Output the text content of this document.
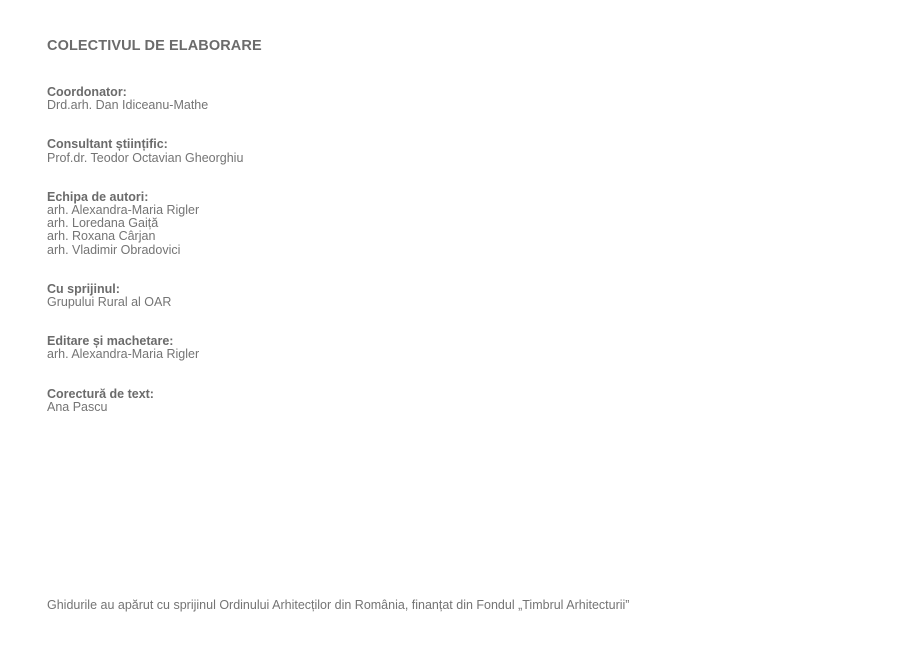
COLECTIVUL DE ELABORARE
Coordonator:
Drd.arh. Dan Idiceanu-Mathe
Consultant științific:
Prof.dr. Teodor Octavian Gheorghiu
Echipa de autori:
arh. Alexandra-Maria Rigler
arh. Loredana Gaiță
arh. Roxana Cârjan
arh. Vladimir Obradovici
Cu sprijinul:
Grupului Rural al OAR
Editare și machetare:
arh. Alexandra-Maria Rigler
Corectură de text:
Ana Pascu
Ghidurile au apărut cu sprijinul Ordinului Arhitecților din România, finanțat din Fondul „Timbrul Arhitecturii”
